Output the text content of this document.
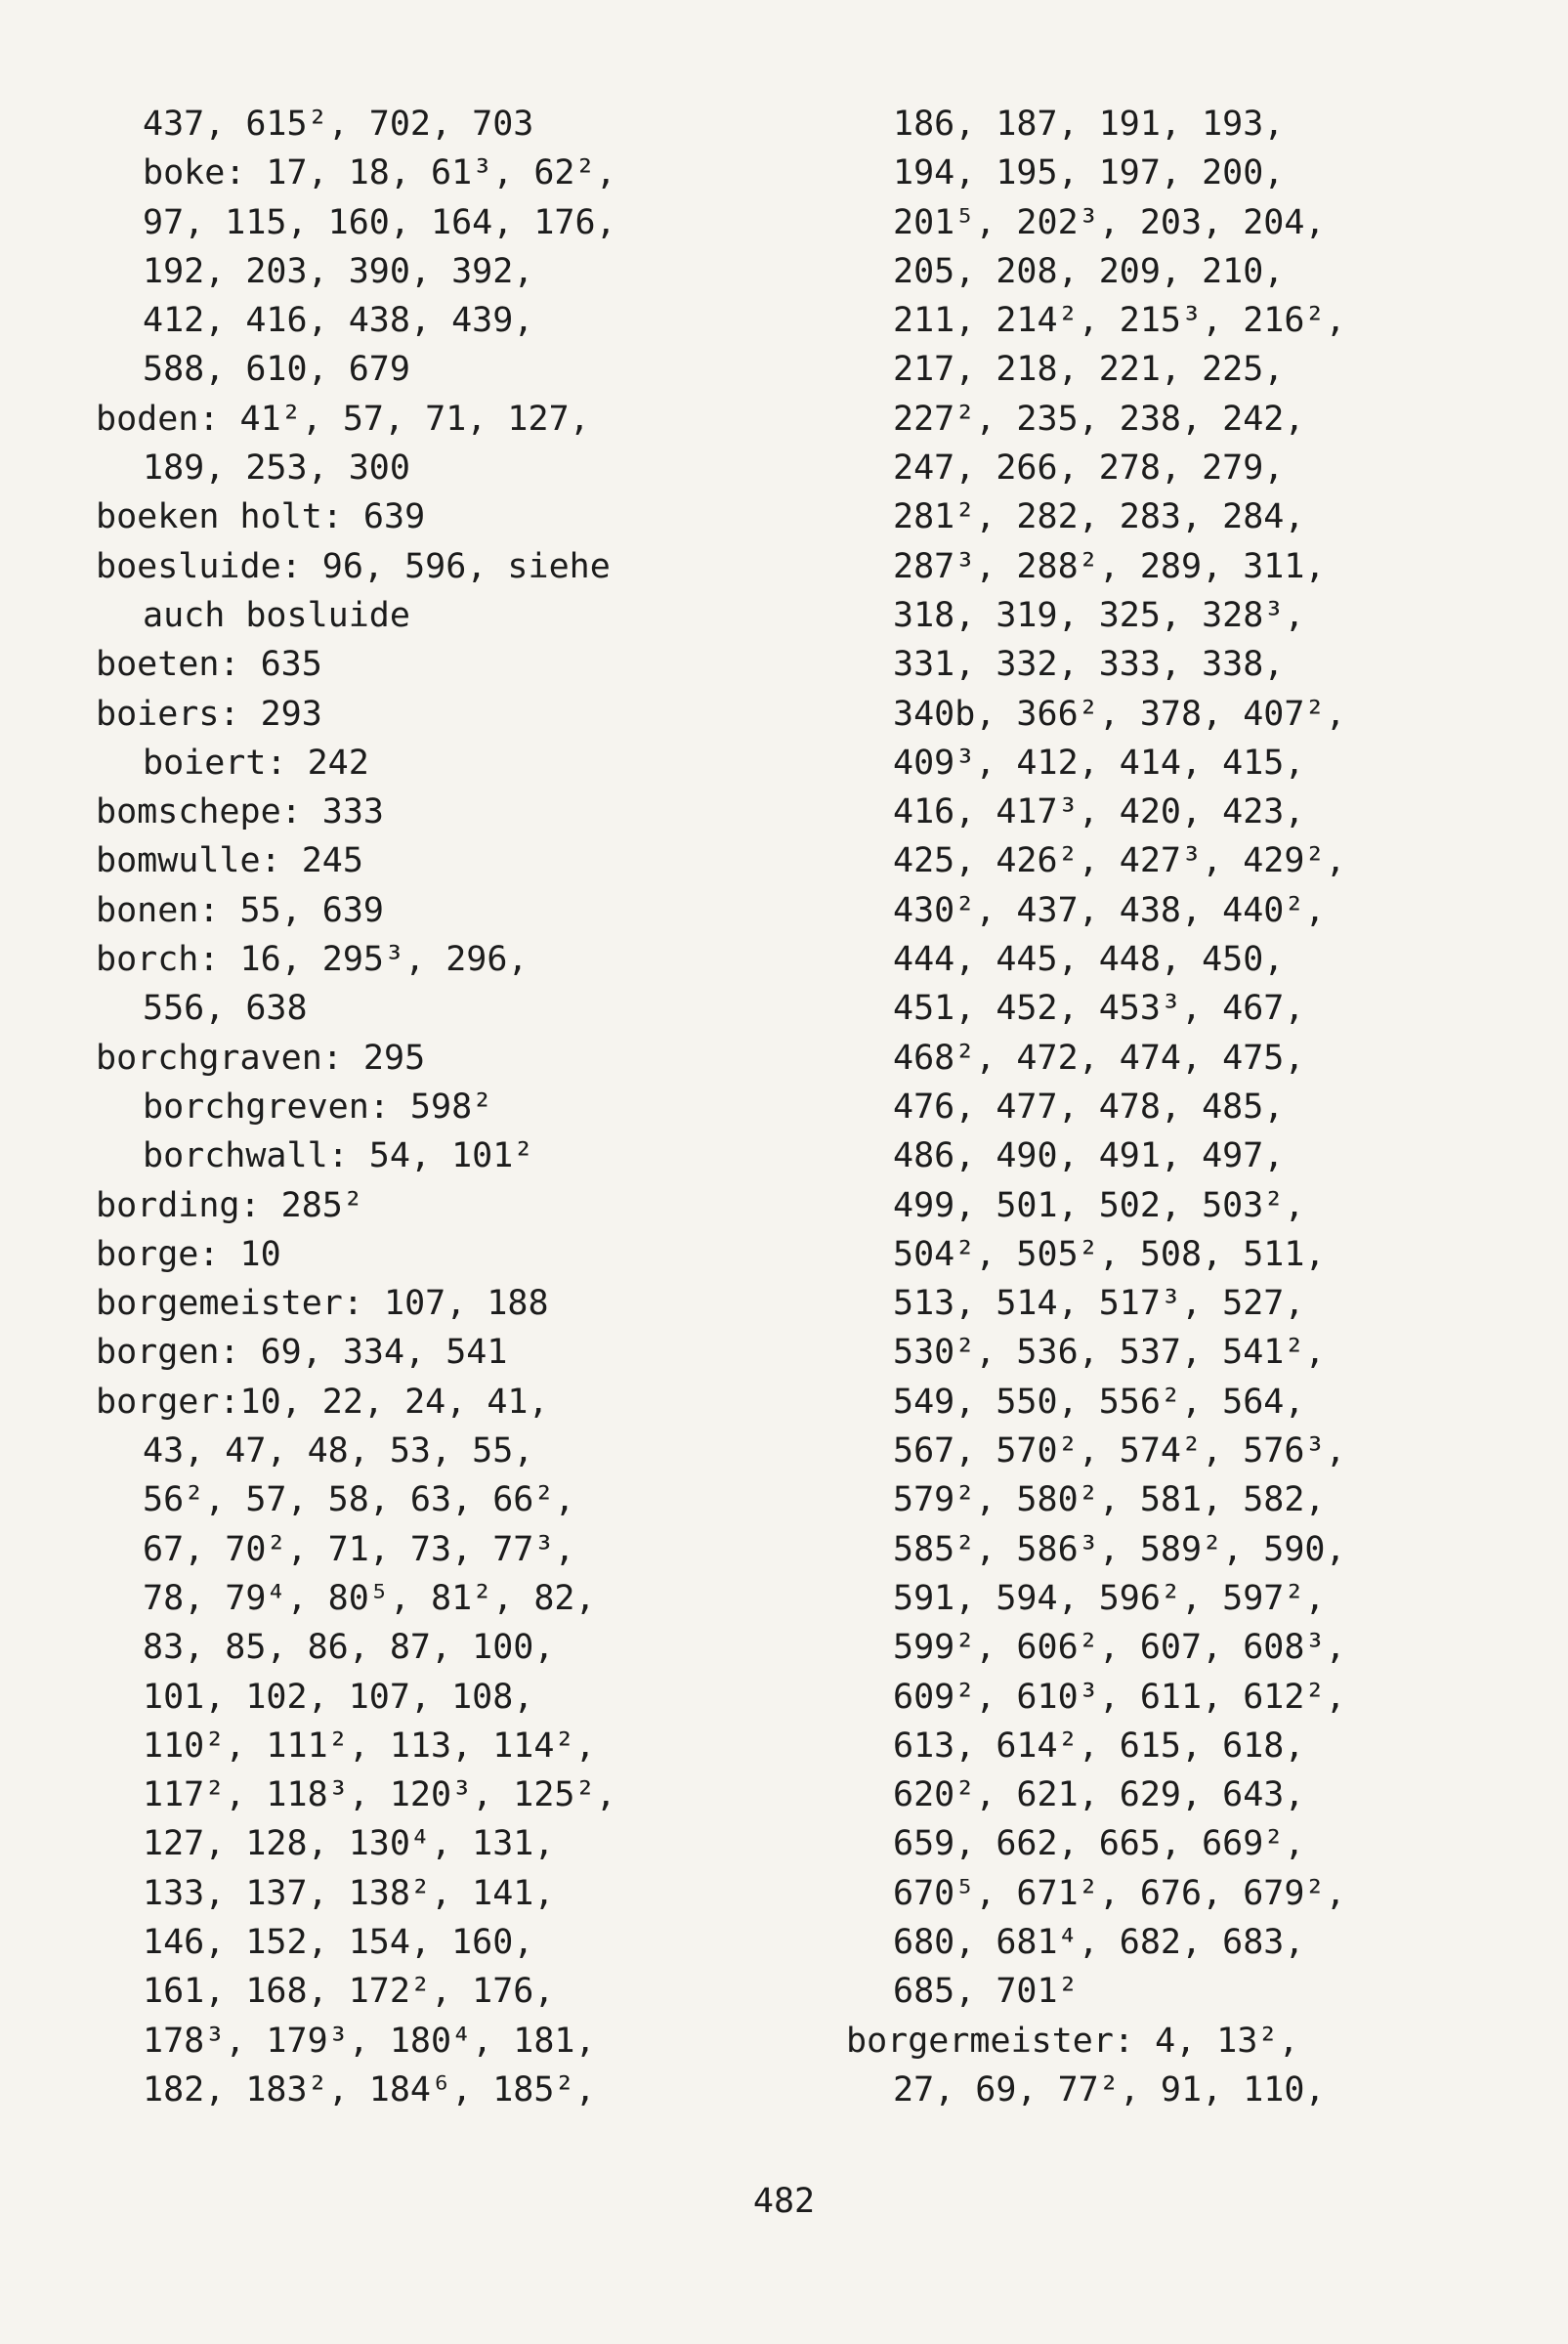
437, 615², 702, 703
boke: 17, 18, 61³, 62²,
97, 115, 160, 164, 176,
192, 203, 390, 392,
412, 416, 438, 439,
588, 610, 679
boden: 41², 57, 71, 127,
189, 253, 300
boeken holt: 639
boesluide: 96, 596, siehe
auch bosluide
boeten: 635
boiers: 293
boiert: 242
bomschepe: 333
bomwulle: 245
bonen: 55, 639
borch: 16, 295³, 296,
556, 638
borchgraven: 295
borchgreven: 598²
borchwall: 54, 101²
bording: 285²
borge: 10
borgemeister: 107, 188
borgen: 69, 334, 541
borger:10, 22, 24, 41,
43, 47, 48, 53, 55,
56², 57, 58, 63, 66²,
67, 70², 71, 73, 77³,
78, 79⁴, 80⁵, 81², 82,
83, 85, 86, 87, 100,
101, 102, 107, 108,
110², 111², 113, 114²,
117², 118³, 120³, 125²,
127, 128, 130⁴, 131,
133, 137, 138², 141,
146, 152, 154, 160,
161, 168, 172², 176,
178³, 179³, 180⁴, 181,
182, 183², 184⁶, 185²,
186, 187, 191, 193,
194, 195, 197, 200,
201⁵, 202³, 203, 204,
205, 208, 209, 210,
211, 214², 215³, 216²,
217, 218, 221, 225,
227², 235, 238, 242,
247, 266, 278, 279,
281², 282, 283, 284,
287³, 288², 289, 311,
318, 319, 325, 328³,
331, 332, 333, 338,
340b, 366², 378, 407²,
409³, 412, 414, 415,
416, 417³, 420, 423,
425, 426², 427³, 429²,
430², 437, 438, 440²,
444, 445, 448, 450,
451, 452, 453³, 467,
468², 472, 474, 475,
476, 477, 478, 485,
486, 490, 491, 497,
499, 501, 502, 503²,
504², 505², 508, 511,
513, 514, 517³, 527,
530², 536, 537, 541²,
549, 550, 556², 564,
567, 570², 574², 576³,
579², 580², 581, 582,
585², 586³, 589², 590,
591, 594, 596², 597²,
599², 606², 607, 608³,
609², 610³, 611, 612²,
613, 614², 615, 618,
620², 621, 629, 643,
659, 662, 665, 669²,
670⁵, 671², 676, 679²,
680, 681⁴, 682, 683,
685, 701²
borgermeister: 4, 13²,
27, 69, 77², 91, 110,
482
